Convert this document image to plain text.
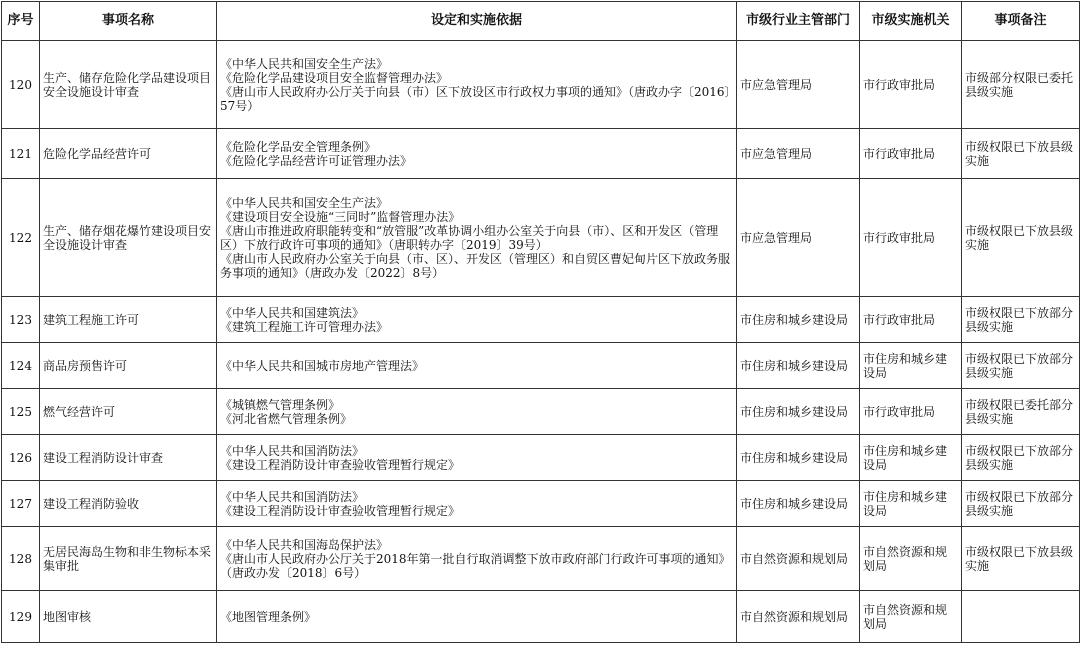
序号	事项名称	设定和实施依据	市级行业主管部门	市级实施机关	事项备注
120	生产、储存危险化学品建设项目安全设施设计审查	《中华人民共和国安全生产法》
《危险化学品建设项目安全监督管理办法》
《唐山市人民政府办公厅关于向县（市）区下放设区市行政权力事项的通知》（唐政办字〔2016〕57号）	市应急管理局	市行政审批局	市级部分权限已委托县级实施
121	危险化学品经营许可	《危险化学品安全管理条例》
《危险化学品经营许可证管理办法》	市应急管理局	市行政审批局	市级权限已下放县级实施
122	生产、储存烟花爆竹建设项目安全设施设计审查	《中华人民共和国安全生产法》
《建设项目安全设施“三同时”监督管理办法》
《唐山市推进政府职能转变和“放管服”改革协调小组办公室关于向县（市）、区和开发区（管理区）下放行政许可事项的通知》（唐职转办字〔2019〕39号）
《唐山市人民政府办公室关于向县（市、区）、开发区（管理区）和自贸区曹妃甸片区下放政务服务事项的通知》（唐政办发〔2022〕8号）	市应急管理局	市行政审批局	市级权限已下放县级实施
123	建筑工程施工许可	《中华人民共和国建筑法》
《建筑工程施工许可管理办法》	市住房和城乡建设局	市行政审批局	市级权限已下放部分县级实施
124	商品房预售许可	《中华人民共和国城市房地产管理法》	市住房和城乡建设局	市住房和城乡建设局	市级权限已下放部分县级实施
125	燃气经营许可	《城镇燃气管理条例》
《河北省燃气管理条例》	市住房和城乡建设局	市行政审批局	市级权限已委托部分县级实施
126	建设工程消防设计审查	《中华人民共和国消防法》
《建设工程消防设计审查验收管理暂行规定》	市住房和城乡建设局	市住房和城乡建设局	市级权限已下放部分县级实施
127	建设工程消防验收	《中华人民共和国消防法》
《建设工程消防设计审查验收管理暂行规定》	市住房和城乡建设局	市住房和城乡建设局	市级权限已下放部分县级实施
128	无居民海岛生物和非生物标本采集审批	《中华人民共和国海岛保护法》
《唐山市人民政府办公厅关于2018年第一批自行取消调整下放市政府部门行政许可事项的通知》（唐政办发〔2018〕6号）	市自然资源和规划局	市自然资源和规划局	市级权限已下放县级实施
129	地图审核	《地图管理条例》	市自然资源和规划局	市自然资源和规划局	
